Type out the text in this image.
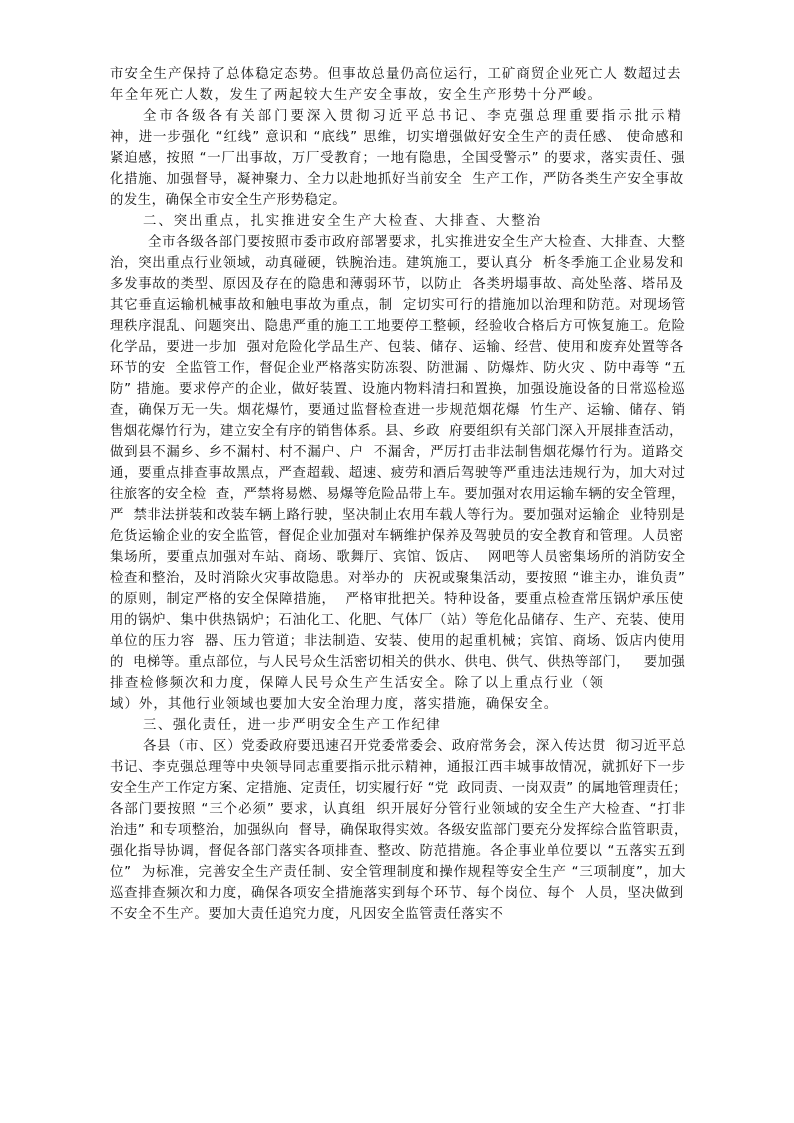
市安全生产保持了总体稳定态势。但事故总量仍高位运行，工矿商贸企业死亡人 数超过去
年全年死亡人数，发生了两起较大生产安全事故，安全生产形势十分严峻。
全市各级各有关部门要深入贯彻习近平总书记、李克强总理重要指示批示精
神，进一步强化 “红线” 意识和 “底线” 思维，切实增强做好安全生产的责任感、 使命感和
紧迫感，按照 “一厂出事故，万厂受教育；一地有隐患，全国受警示” 的要求，落实责任、强
化措施、加强督导，凝神聚力、全力以赴地抓好当前安全  生产工作，严防各类生产安全事故
的发生，确保全市安全生产形势稳定。
二、突出重点，扎实推进安全生产大检查、大排查、大整治
全市各级各部门要按照市委市政府部署要求，扎实推进安全生产大检查、大排查、大整
治，突出重点行业领域，动真碰硬，铁腕治违。建筑施工，要认真分  析冬季施工企业易发和
多发事故的类型、原因及存在的隐患和薄弱环节，以防止  各类坍塌事故、高处坠落、塔吊及
其它垂直运输机械事故和触电事故为重点，制  定切实可行的措施加以治理和防范。对现场管
理秩序混乱、问题突出、隐患严重的施工工地要停工整顿，经验收合格后方可恢复施工。危险
化学品，要进一步加  强对危险化学品生产、包装、储存、运输、经营、使用和废弃处置等各
环节的安  全监管工作，督促企业严格落实防冻裂、防泄漏 、防爆炸、防火灾 、防中毒等 “五
防” 措施。要求停产的企业，做好装置、设施内物料清扫和置换，加强设施设备的日常巡检巡
查，确保万无一失。烟花爆竹，要通过监督检查进一步规范烟花爆  竹生产、运输、储存、销
售烟花爆竹行为，建立安全有序的销售体系。县、乡政  府要组织有关部门深入开展排查活动，
做到县不漏乡、乡不漏村、村不漏户、户  不漏舍，严厉打击非法制售烟花爆竹行为。道路交
通，要重点排查事故黑点，严查超载、超速、疲劳和酒后驾驶等严重违法违规行为，加大对过
往旅客的安全检  查，严禁将易燃、易爆等危险品带上车。要加强对农用运输车辆的安全管理，
严  禁非法拼装和改装车辆上路行驶，坚决制止农用车载人等行为。要加强对运输企  业特别是
危货运输企业的安全监管，督促企业加强对车辆维护保养及驾驶员的安全教育和管理。人员密
集场所，要重点加强对车站、商场、歌舞厅、宾馆、饭店、  网吧等人员密集场所的消防安全
检查和整治，及时消除火灾事故隐患。对举办的  庆祝或聚集活动，要按照 “谁主办，谁负责”
的原则，制定严格的安全保障措施，  严格审批把关。特种设备，要重点检查常压锅炉承压使
用的锅炉、集中供热锅炉；石油化工、化肥、气体厂（站）等危化品储存、生产、充装、使用
单位的压力容  器、压力管道；非法制造、安装、使用的起重机械；宾馆、商场、饭店内使用
的  电梯等。重点部位，与人民号众生活密切相关的供水、供电、供气、供热等部门，   要加强
排查检修频次和力度，保障人民号众生产生活安全。除了以上重点行业（领
域）外，其他行业领域也要加大安全治理力度，落实措施，确保安全。
三、强化责任，进一步严明安全生产工作纪律
各县（市、区）党委政府要迅速召开党委常委会、政府常务会，深入传达贯  彻习近平总
书记、李克强总理等中央领导同志重要指示批示精神，通报江西丰城事故情况，就抓好下一步
安全生产工作定方案、定措施、定责任，切实履行好 “党  政同责、一岗双责” 的属地管理责任；
各部门要按照 “三个必须” 要求，认真组  织开展好分管行业领域的安全生产大检查、“打非
治违” 和专项整治，加强纵向  督导，确保取得实效。各级安监部门要充分发挥综合监管职责，
强化指导协调，督促各部门落实各项排查、整改、防范措施。各企事业单位要以 “五落实五到
位”  为标准，完善安全生产责任制、安全管理制度和操作规程等安全生产 “三项制度”，加大
巡查排查频次和力度，确保各项安全措施落实到每个环节、每个岗位、每个  人员，坚决做到
不安全不生产。要加大责任追究力度，凡因安全监管责任落实不
